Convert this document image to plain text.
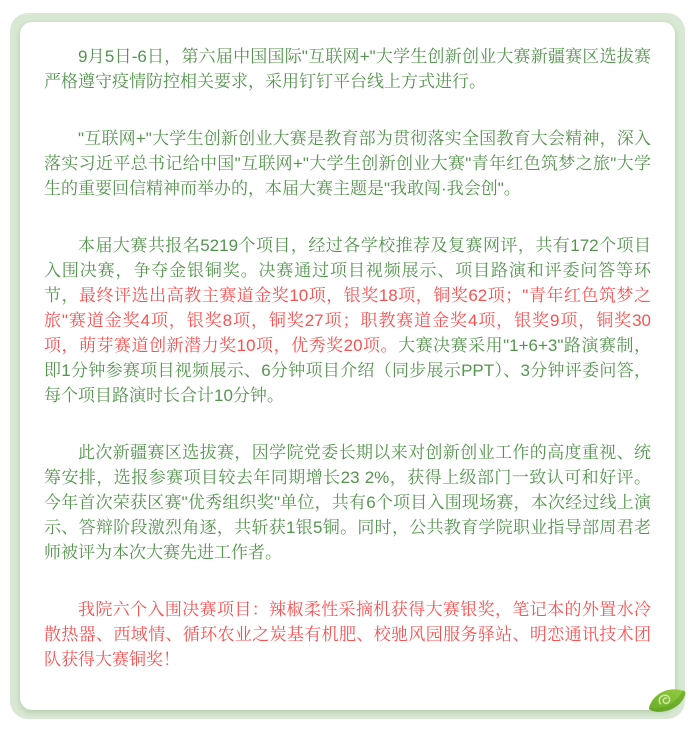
9月5日-6日，第六届中国国际"互联网+"大学生创新创业大赛新疆赛区选拔赛严格遵守疫情防控相关要求，采用钉钉平台线上方式进行。

"互联网+"大学生创新创业大赛是教育部为贯彻落实全国教育大会精神，深入落实习近平总书记给中国"互联网+"大学生创新创业大赛"青年红色筑梦之旅"大学生的重要回信精神而举办的，本届大赛主题是"我敢闯·我会创"。

本届大赛共报名5219个项目，经过各学校推荐及复赛网评，共有172个项目入围决赛，争夺金银铜奖。决赛通过项目视频展示、项目路演和评委问答等环节，最终评选出高教主赛道金奖10项，银奖18项，铜奖62项；"青年红色筑梦之旅"赛道金奖4项，银奖8项，铜奖27项；职教赛道金奖4项，银奖9项，铜奖30项，萌芽赛道创新潜力奖10项，优秀奖20项。大赛决赛采用"1+6+3"路演赛制，即1分钟参赛项目视频展示、6分钟项目介绍（同步展示PPT）、3分钟评委问答，每个项目路演时长合计10分钟。

此次新疆赛区选拔赛，因学院党委长期以来对创新创业工作的高度重视、统筹安排，选报参赛项目较去年同期增长23 2%，获得上级部门一致认可和好评。今年首次荣获区赛"优秀组织奖"单位，共有6个项目入围现场赛，本次经过线上演示、答辩阶段激烈角逐，共斩获1银5铜。同时，公共教育学院职业指导部周君老师被评为本次大赛先进工作者。

我院六个入围决赛项目：辣椒柔性采摘机获得大赛银奖，笔记本的外置水冷散热器、西域情、循环农业之炭基有机肥、校驰风园服务驿站、明恋通讯技术团队获得大赛铜奖！
